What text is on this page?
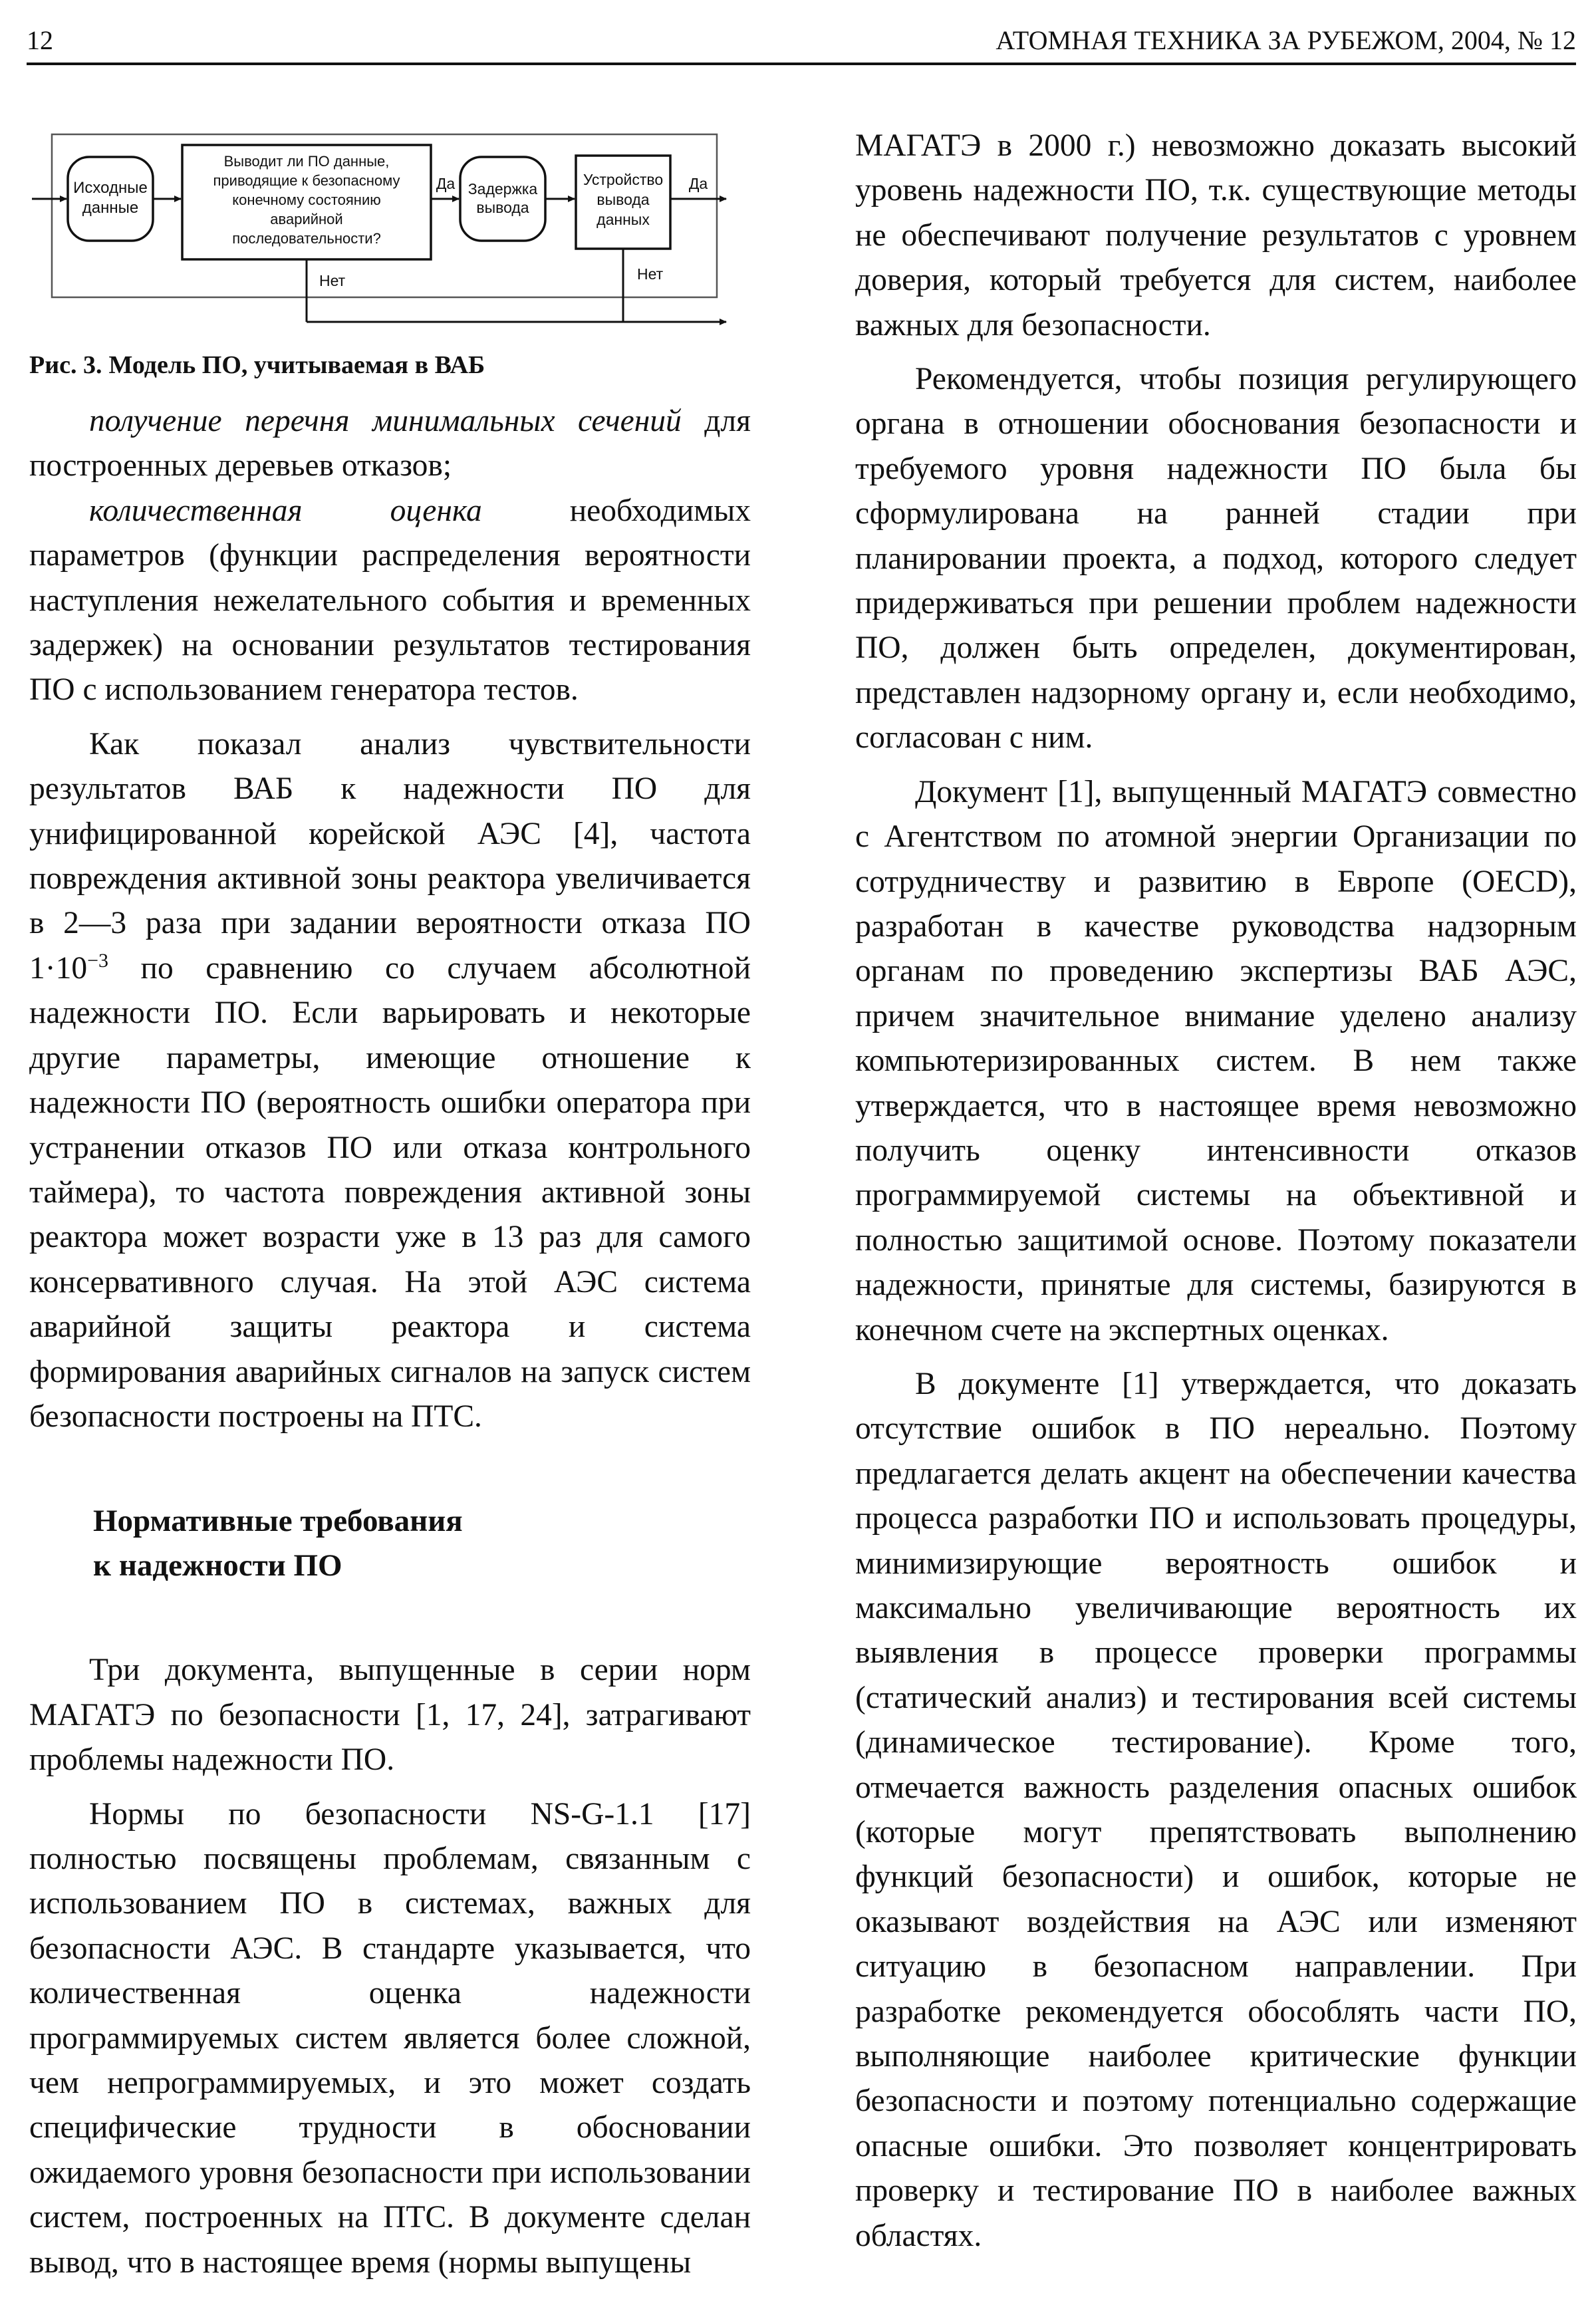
12	АТОМНАЯ ТЕХНИКА ЗА РУБЕЖОМ, 2004, № 12
Исходные
данные
Выводит ли ПО данные,
приводящие к безопасному
конечному состоянию
аварийной
последовательности?
Задержка
вывода
Устройство
вывода
данных
Да	Да
Нет	Нет
Рис. 3. Модель ПО, учитываемая в ВАБ

получение перечня минимальных сечений для построенных деревьев отказов;

количественная оценка необходимых параметров (функции распределения вероятности наступления нежелательного события и временных задержек) на основании результатов тестирования ПО с использованием генератора тестов.

Как показал анализ чувствительности результатов ВАБ к надежности ПО для унифицированной корейской АЭС [4], частота повреждения активной зоны реактора увеличивается в 2—3 раза при задании вероятности отказа ПО $1\cdot 10^{-3}$ по сравнению со случаем абсолютной надежности ПО. Если варьировать и некоторые другие параметры, имеющие отношение к надежности ПО (вероятность ошибки оператора при устранении отказов ПО или отказа контрольного таймера), то частота повреждения активной зоны реактора может возрасти уже в 13 раз для самого консервативного случая. На этой АЭС система аварийной защиты реактора и система формирования аварийных сигналов на запуск систем безопасности построены на ПТС.

Нормативные требования
к надежности ПО

Три документа, выпущенные в серии норм МАГАТЭ по безопасности [1, 17, 24], затрагивают проблемы надежности ПО.

Нормы по безопасности NS-G-1.1 [17] полностью посвящены проблемам, связанным с использованием ПО в системах, важных для безопасности АЭС. В стандарте указывается, что количественная оценка надежности программируемых систем является более сложной, чем непрограммируемых, и это может создать специфические трудности в обосновании ожидаемого уровня безопасности при использовании систем, построенных на ПТС. В документе сделан вывод, что в настоящее время (нормы выпущены

МАГАТЭ в 2000 г.) невозможно доказать высокий уровень надежности ПО, т.к. существующие методы не обеспечивают получение результатов с уровнем доверия, который требуется для систем, наиболее важных для безопасности.

Рекомендуется, чтобы позиция регулирующего органа в отношении обоснования безопасности и требуемого уровня надежности ПО была бы сформулирована на ранней стадии при планировании проекта, а подход, которого следует придерживаться при решении проблем надежности ПО, должен быть определен, документирован, представлен надзорному органу и, если необходимо, согласован с ним.

Документ [1], выпущенный МАГАТЭ совместно с Агентством по атомной энергии Организации по сотрудничеству и развитию в Европе (OECD), разработан в качестве руководства надзорным органам по проведению экспертизы ВАБ АЭС, причем значительное внимание уделено анализу компьютеризированных систем. В нем также утверждается, что в настоящее время невозможно получить оценку интенсивности отказов программируемой системы на объективной и полностью защитимой основе. Поэтому показатели надежности, принятые для системы, базируются в конечном счете на экспертных оценках.

В документе [1] утверждается, что доказать отсутствие ошибок в ПО нереально. Поэтому предлагается делать акцент на обеспечении качества процесса разработки ПО и использовать процедуры, минимизирующие вероятность ошибок и максимально увеличивающие вероятность их выявления в процессе проверки программы (статический анализ) и тестирования всей системы (динамическое тестирование). Кроме того, отмечается важность разделения опасных ошибок (которые могут препятствовать выполнению функций безопасности) и ошибок, которые не оказывают воздействия на АЭС или изменяют ситуацию в безопасном направлении. При разработке рекомендуется обособлять части ПО, выполняющие наиболее критические функции безопасности и поэтому потенциально содержащие опасные ошибки. Это позволяет концентрировать проверку и тестирование ПО в наиболее важных областях.
